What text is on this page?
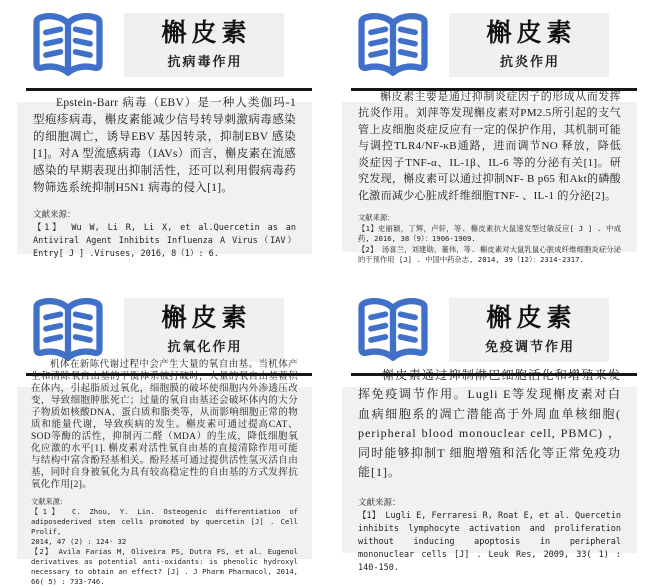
槲皮素
抗病毒作用

Epstein-Barr 病毒（EBV）是一种人类伽玛-1型疱疹病毒，槲皮素能减少信号转导刺激病毒感染的细胞凋亡，诱导EBV 基因转录，抑制EBV 感染[1]。对A 型流感病毒（IAVs）而言，槲皮素在流感感染的早期表现出抑制活性，还可以利用假病毒药物筛选系统抑制H5N1 病毒的侵入[1]。

文献来源：
【1】 Wu W, Li R, Li X, et al.Quercetin as an Antiviral Agent Inhibits Influenza A Virus（IAV）Entry[ J ] .Viruses, 2016, 8（1）: 6.
槲皮素
抗炎作用

槲皮素主要是通过抑制炎症因子的形成从而发挥抗炎作用。刘萍等发现槲皮素对PM2.5所引起的支气管上皮细胞炎症反应有一定的保护作用，其机制可能与调控TLR4/NF-κB通路，进而调节NO 释放，降低炎症因子TNF-α、IL-1β、IL-6 等的分泌有关[1]。研究发现，槲皮素可以通过抑制NF- B p65 和Akt的磷酸化激而减少心脏成纤维细胞TNF- 、IL-1 的分泌[2]。

文献来源：
【1】史丽颖，丁辉，卢轩，等. 槲皮素抗大鼠速发型过敏反应[ J ] . 中成药, 2016, 38（9）：1906-1909.
【2】 汤喜兰，刘建勋，董伟，等. 槲皮素对大鼠乳鼠心脏成纤维细胞炎症分泌的干预作用 [J] . 中国中药杂志, 2014, 39（12）：2314-2317.
槲皮素
抗氧化作用

机体在新陈代谢过程中会产生大量的氧自由基。当机体产生和清除氧自由基的平衡体系被打破时，大量的氧自由基蓄积在体内，引起脂质过氧化，细胞膜的破坏使细胞内外渗透压改变，导致细胞肿胀死亡；过量的氧自由基还会破坏体内的大分子物质如核酸DNA、蛋白质和脂类等，从而影响细胞正常的物质和能量代谢，导致疾病的发生。槲皮素可通过提高CAT、SOD等酶的活性，抑制丙二醛（MDA）的生成，降低细胞氧化应激的水平[1]. 槲皮素对活性氧自由基的直接清除作用可能与结构中富含酚羟基相关。酚羟基可通过提供活性氢灭活自由基，同时自身被氧化为具有较高稳定性的自由基的方式发挥抗氧化作用[2]。

文献来源：
【1】 C. Zhou, Y. Lin. Osteogenic differentiation of adiposederived stem cells promoted by quercetin [J] . Cell Prolif,
2014, 47 (2) : 124- 32
【2】 Avila Farias M, Oliveira PS, Dutra FS, et al. Eugenol derivatives as potential anti-oxidants: is phenolic hydroxyl necessary to obtain an effect? [J] . J Pharm Pharmacol, 2014, 66( 5) : 733-746.
槲皮素
免疫调节作用

槲皮素通过抑制淋巴细胞活化和增殖来发挥免疫调节作用。Lugli E等发现槲皮素对白血病细胞系的凋亡潜能高于外周血单核细胞( peripheral blood monouclear cell, PBMC) ，同时能够抑制T 细胞增殖和活化等正常免疫功能[1]。

文献来源：
【1】 Lugli E, Ferraresi R, Roat E, et al. Quercetin inhibits lymphocyte activation and proliferation without inducing apoptosis in peripheral mononuclear cells [J] . Leuk Res, 2009, 33( 1) : 140-150.
